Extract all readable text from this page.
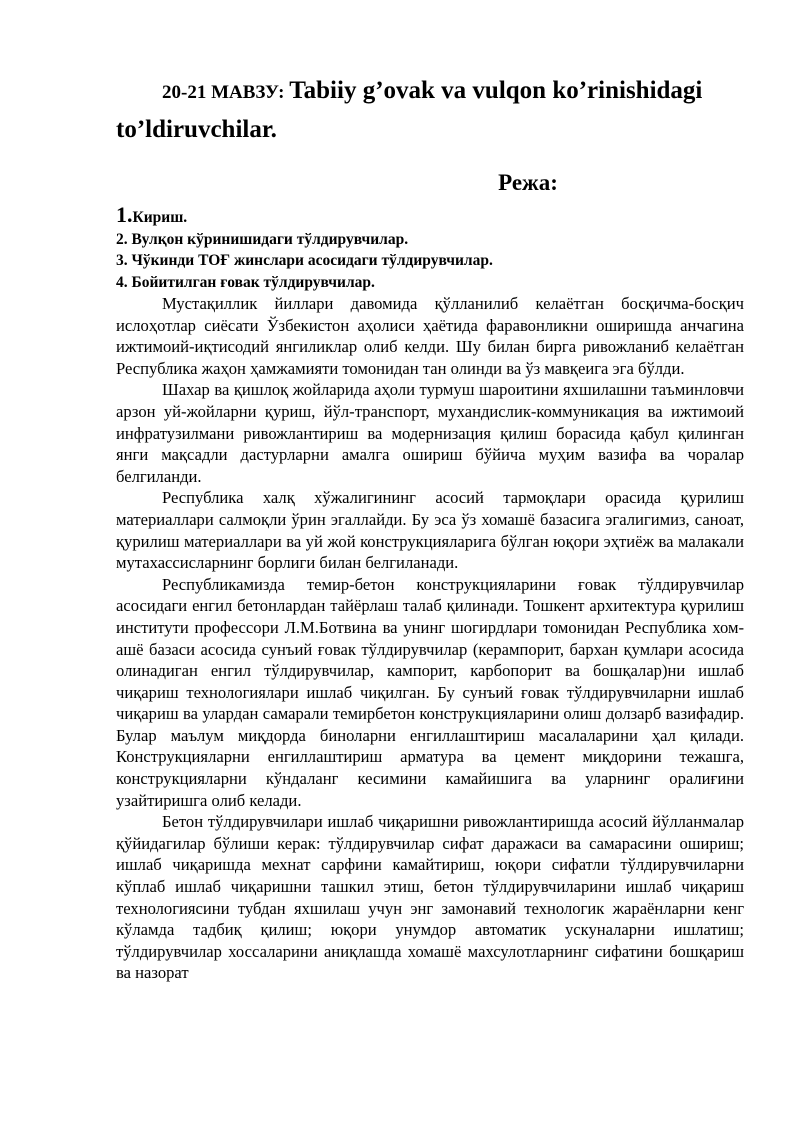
20-21 МАВЗУ: Tabiiy g’ovak va vulqon ko’rinishidagi to’ldiruvchilar.
Режа:
1.Кириш.
2. Вулқон кўринишидаги тўлдирувчилар.
3. Чўкинди ТОҒ жинслари асосидаги тўлдирувчилар.
4. Бойитилган ғовак тўлдирувчилар.

Мустақиллик йиллари давомида қўлланилиб келаётган босқичма-босқич ислоҳотлар сиёсати Ўзбекистон аҳолиси ҳаётида фаравонликни оширишда анчагина ижтимоий-иқтисодий янгиликлар олиб келди. Шу билан бирга ривожланиб келаётган Республика жаҳон ҳамжамияти томонидан тан олинди ва ўз мавқеига эга бўлди.

Шахар ва қишлоқ жойларида аҳоли турмуш шароитини яхшилашни таъминловчи арзон уй-жойларни қуриш, йўл-транспорт, мухандислик-коммуникация ва ижтимоий инфратузилмани ривожлантириш ва модернизация қилиш борасида қабул қилинган янги мақсадли дастурларни амалга ошириш бўйича муҳим вазифа ва чоралар белгиланди.

Республика халқ хўжалигининг асосий тармоқлари орасида қурилиш материаллари салмоқли ўрин эгаллайди. Бу эса ўз хомашё базасига эгалигимиз, саноат, қурилиш материаллари ва уй жой конструкцияларига бўлган юқори эҳтиёж ва малакали мутахассисларнинг борлиги билан белгиланади.

Республикамизда темир-бетон конструкцияларини ғовак тўлдирувчилар асосидаги енгил бетонлардан тайёрлаш талаб қилинади. Тошкент архитектура қурилиш институти профессори Л.М.Ботвина ва унинг шогирдлари томонидан Республика хом-ашё базаси асосида сунъий ғовак тўлдирувчилар (керампорит, бархан қумлари асосида олинадиган енгил тўлдирувчилар, кампорит, карбопорит ва бошқалар)ни ишлаб чиқариш технологиялари ишлаб чиқилган. Бу сунъий ғовак тўлдирувчиларни ишлаб чиқариш ва улардан самарали темирбетон конструкцияларини олиш долзарб вазифадир. Булар маълум миқдорда биноларни енгиллаштириш масалаларини ҳал қилади. Конструкцияларни енгиллаштириш арматура ва цемент миқдорини тежашга, конструкцияларни кўндаланг кесимини камайишига ва уларнинг оралиғини узайтиришга олиб келади.

Бетон тўлдирувчилари ишлаб чиқаришни ривожлантиришда асосий йўлланмалар қўйидагилар бўлиши керак: тўлдирувчилар сифат даражаси ва самарасини ошириш; ишлаб чиқаришда мехнат сарфини камайтириш, юқори сифатли тўлдирувчиларни кўплаб ишлаб чиқаришни ташкил этиш, бетон тўлдирувчиларини ишлаб чиқариш технологиясини тубдан яхшилаш учун энг замонавий технологик жараёнларни кенг кўламда тадбиқ қилиш; юқори унумдор автоматик ускуналарни ишлатиш; тўлдирувчилар хоссаларини аниқлашда хомашё махсулотларнинг сифатини бошқариш ва назорат
